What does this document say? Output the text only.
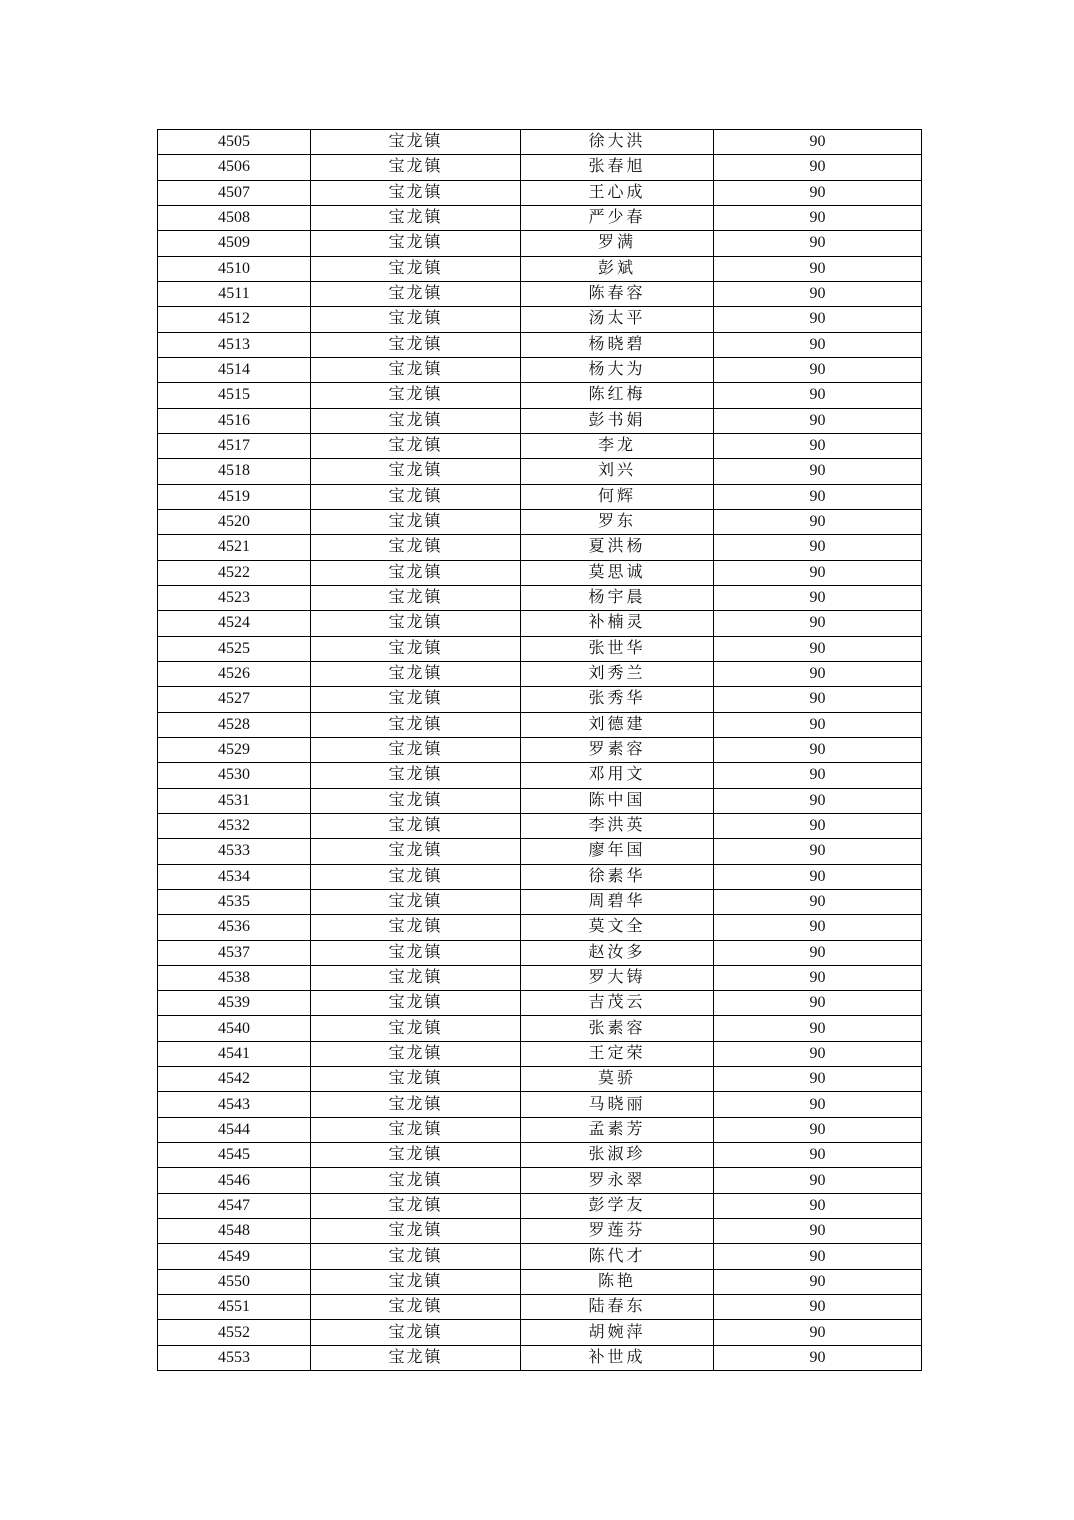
4505	宝龙镇	徐大洪	90
4506	宝龙镇	张春旭	90
4507	宝龙镇	王心成	90
4508	宝龙镇	严少春	90
4509	宝龙镇	罗满	90
4510	宝龙镇	彭斌	90
4511	宝龙镇	陈春容	90
4512	宝龙镇	汤太平	90
4513	宝龙镇	杨晓碧	90
4514	宝龙镇	杨大为	90
4515	宝龙镇	陈红梅	90
4516	宝龙镇	彭书娟	90
4517	宝龙镇	李龙	90
4518	宝龙镇	刘兴	90
4519	宝龙镇	何辉	90
4520	宝龙镇	罗东	90
4521	宝龙镇	夏洪杨	90
4522	宝龙镇	莫思诚	90
4523	宝龙镇	杨宇晨	90
4524	宝龙镇	补楠灵	90
4525	宝龙镇	张世华	90
4526	宝龙镇	刘秀兰	90
4527	宝龙镇	张秀华	90
4528	宝龙镇	刘德建	90
4529	宝龙镇	罗素容	90
4530	宝龙镇	邓用文	90
4531	宝龙镇	陈中国	90
4532	宝龙镇	李洪英	90
4533	宝龙镇	廖年国	90
4534	宝龙镇	徐素华	90
4535	宝龙镇	周碧华	90
4536	宝龙镇	莫文全	90
4537	宝龙镇	赵汝多	90
4538	宝龙镇	罗大铸	90
4539	宝龙镇	吉茂云	90
4540	宝龙镇	张素容	90
4541	宝龙镇	王定荣	90
4542	宝龙镇	莫骄	90
4543	宝龙镇	马晓丽	90
4544	宝龙镇	孟素芳	90
4545	宝龙镇	张淑珍	90
4546	宝龙镇	罗永翠	90
4547	宝龙镇	彭学友	90
4548	宝龙镇	罗莲芬	90
4549	宝龙镇	陈代才	90
4550	宝龙镇	陈艳	90
4551	宝龙镇	陆春东	90
4552	宝龙镇	胡婉萍	90
4553	宝龙镇	补世成	90
